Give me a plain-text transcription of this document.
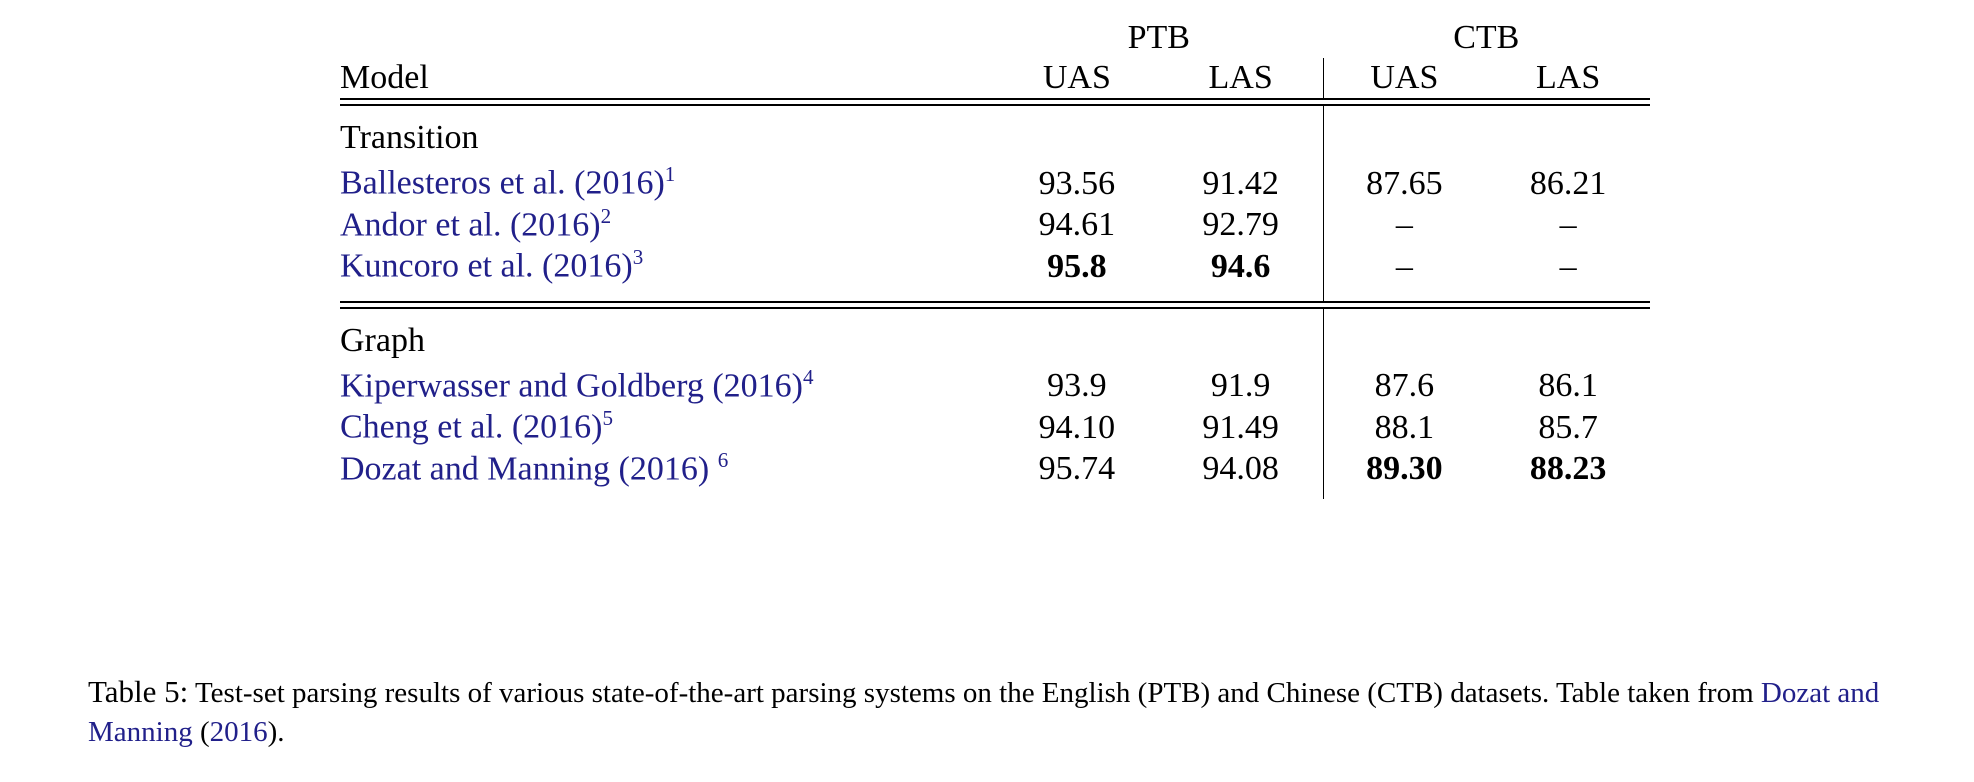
	PTB		CTB	
Model	UAS	LAS	UAS	LAS

Transition				
Ballesteros et al. $(2016)^1$	93.56	91.42	87.65	86.21
Andor et al. $(2016)^2$	94.61	92.79	–	–
Kuncoro et al. $(2016)^3$	95.8	94.6	–	–

Graph				
Kiperwasser and Goldberg $(2016)^4$	93.9	91.9	87.6	86.1
Cheng et al. $(2016)^5$	94.10	91.49	88.1	85.7
Dozat and Manning (2016) $^6$	95.74	94.08	89.30	88.23

Table 5: Test-set parsing results of various state-of-the-art parsing systems on the English (PTB) and Chinese (CTB) datasets. Table taken from Dozat and Manning (2016).
